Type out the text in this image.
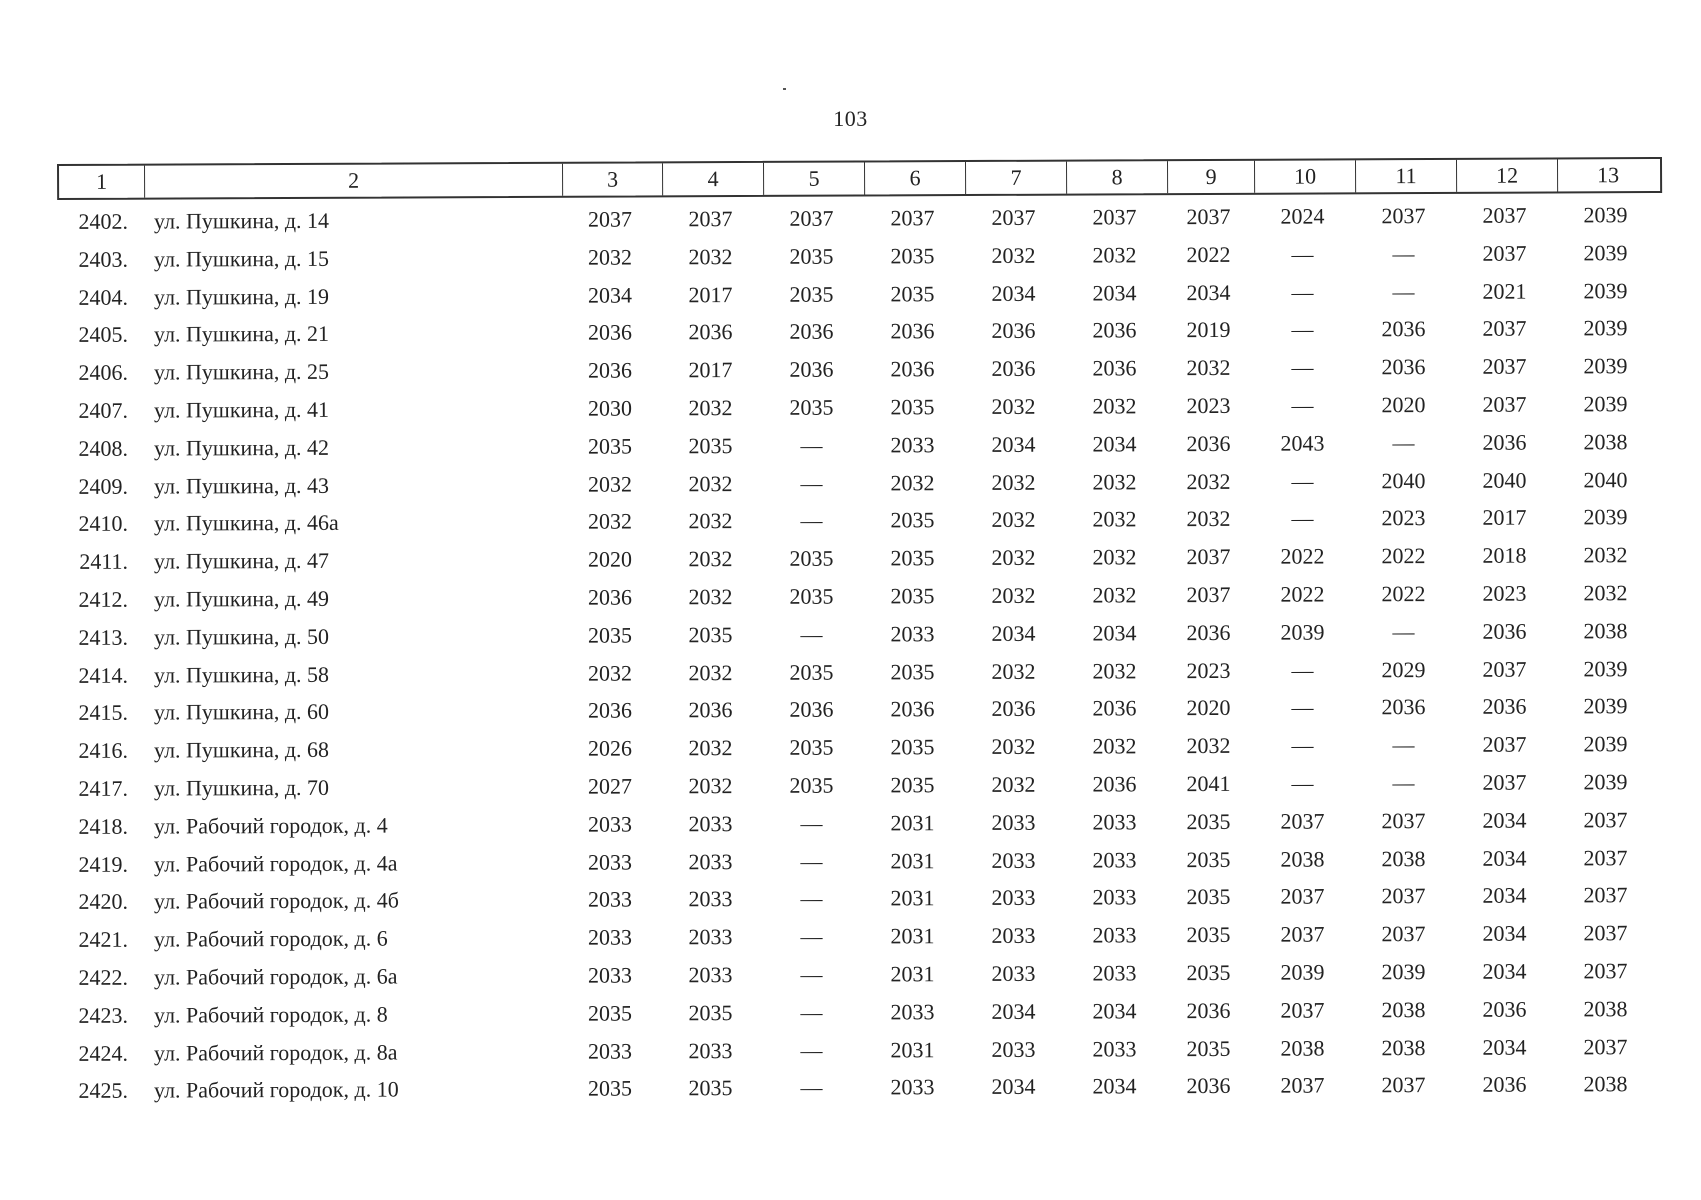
103
1	2	3	4	5	6	7	8	9	10	11	12	13
2402.	ул. Пушкина, д. 14	2037	2037	2037	2037	2037	2037	2037	2024	2037	2037	2039
2403.	ул. Пушкина, д. 15	2032	2032	2035	2035	2032	2032	2022	—	—	2037	2039
2404.	ул. Пушкина, д. 19	2034	2017	2035	2035	2034	2034	2034	—	—	2021	2039
2405.	ул. Пушкина, д. 21	2036	2036	2036	2036	2036	2036	2019	—	2036	2037	2039
2406.	ул. Пушкина, д. 25	2036	2017	2036	2036	2036	2036	2032	—	2036	2037	2039
2407.	ул. Пушкина, д. 41	2030	2032	2035	2035	2032	2032	2023	—	2020	2037	2039
2408.	ул. Пушкина, д. 42	2035	2035	—	2033	2034	2034	2036	2043	—	2036	2038
2409.	ул. Пушкина, д. 43	2032	2032	—	2032	2032	2032	2032	—	2040	2040	2040
2410.	ул. Пушкина, д. 46а	2032	2032	—	2035	2032	2032	2032	—	2023	2017	2039
2411.	ул. Пушкина, д. 47	2020	2032	2035	2035	2032	2032	2037	2022	2022	2018	2032
2412.	ул. Пушкина, д. 49	2036	2032	2035	2035	2032	2032	2037	2022	2022	2023	2032
2413.	ул. Пушкина, д. 50	2035	2035	—	2033	2034	2034	2036	2039	—	2036	2038
2414.	ул. Пушкина, д. 58	2032	2032	2035	2035	2032	2032	2023	—	2029	2037	2039
2415.	ул. Пушкина, д. 60	2036	2036	2036	2036	2036	2036	2020	—	2036	2036	2039
2416.	ул. Пушкина, д. 68	2026	2032	2035	2035	2032	2032	2032	—	—	2037	2039
2417.	ул. Пушкина, д. 70	2027	2032	2035	2035	2032	2036	2041	—	—	2037	2039
2418.	ул. Рабочий городок, д. 4	2033	2033	—	2031	2033	2033	2035	2037	2037	2034	2037
2419.	ул. Рабочий городок, д. 4а	2033	2033	—	2031	2033	2033	2035	2038	2038	2034	2037
2420.	ул. Рабочий городок, д. 4б	2033	2033	—	2031	2033	2033	2035	2037	2037	2034	2037
2421.	ул. Рабочий городок, д. 6	2033	2033	—	2031	2033	2033	2035	2037	2037	2034	2037
2422.	ул. Рабочий городок, д. 6а	2033	2033	—	2031	2033	2033	2035	2039	2039	2034	2037
2423.	ул. Рабочий городок, д. 8	2035	2035	—	2033	2034	2034	2036	2037	2038	2036	2038
2424.	ул. Рабочий городок, д. 8а	2033	2033	—	2031	2033	2033	2035	2038	2038	2034	2037
2425.	ул. Рабочий городок, д. 10	2035	2035	—	2033	2034	2034	2036	2037	2037	2036	2038
